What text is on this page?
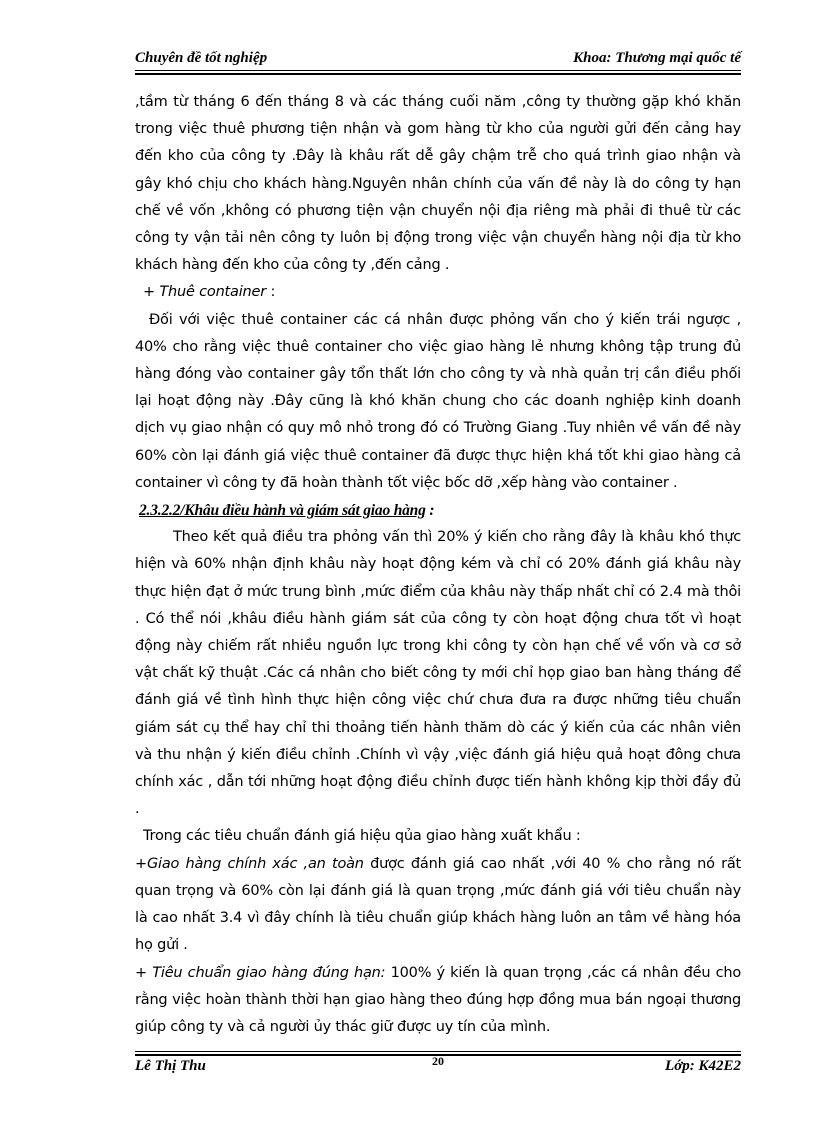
Chuyên đề tốt nghiệp	Khoa: Thương mại quốc tế

,tầm từ tháng 6 đến tháng 8 và các tháng cuối năm ,công ty thường gặp khó khăn trong việc thuê phương tiện nhận và gom hàng từ kho của người gửi đến cảng hay đến kho của công ty .Đây là khâu rất dễ gây chậm trễ cho quá trình giao nhận và gây khó chịu cho khách hàng.Nguyên nhân chính của vấn đề này là do công ty hạn chế về vốn ,không có phương tiện vận chuyển nội địa riêng mà phải đi thuê từ các công ty vận tải nên công ty luôn bị động trong việc vận chuyển hàng nội địa từ kho khách hàng đến kho của công ty ,đến cảng .

+ Thuê container :

Đối với việc thuê container các cá nhân được phỏng vấn cho ý kiến trái ngược , 40% cho rằng việc thuê container cho việc giao hàng lẻ nhưng không tập trung đủ hàng đóng vào container gây tổn thất lớn cho công ty và nhà quản trị cần điều phối lại hoạt động này .Đây cũng là khó khăn chung cho các doanh nghiệp kinh doanh dịch vụ giao nhận có quy mô nhỏ trong đó có Trường Giang .Tuy nhiên về vấn đề này 60% còn lại đánh giá việc thuê container đã được thực hiện khá tốt khi giao hàng cả container vì công ty đã hoàn thành tốt việc bốc dỡ ,xếp hàng vào container .

2.3.2.2/Khâu điều hành và giám sát giao hàng :

Theo kết quả điều tra phỏng vấn thì 20% ý kiến cho rằng đây là khâu khó thực hiện và 60% nhận định khâu này hoạt động kém và chỉ có 20% đánh giá khâu này thực hiện đạt ở mức trung bình ,mức điểm của khâu này thấp nhất chỉ có 2.4 mà thôi . Có thể nói ,khâu điều hành giám sát của công ty còn hoạt động chưa tốt vì hoạt động này chiếm rất nhiều nguồn lực trong khi công ty còn hạn chế về vốn và cơ sở vật chất kỹ thuật .Các cá nhân cho biết công ty mới chỉ họp giao ban hàng tháng để đánh giá về tình hình thực hiện công việc chứ chưa đưa ra được những tiêu chuẩn giám sát cụ thể hay chỉ thi thoảng tiến hành thăm dò các ý kiến của các nhân viên và thu nhận ý kiến điều chỉnh .Chính vì vậy ,việc đánh giá hiệu quả hoạt đông chưa chính xác , dẫn tới những hoạt động điều chỉnh được tiến hành không kịp thời đầy đủ .

Trong các tiêu chuẩn đánh giá hiệu qủa giao hàng xuất khẩu :

+Giao hàng chính xác ,an toàn được đánh giá cao nhất ,với 40 % cho rằng nó rất quan trọng và 60% còn lại đánh giá là quan trọng ,mức đánh giá với tiêu chuẩn này là cao nhất 3.4 vì đây chính là tiêu chuẩn giúp khách hàng luôn an tâm về hàng hóa họ gửi .

+ Tiêu chuẩn giao hàng đúng hạn: 100% ý kiến là quan trọng ,các cá nhân đều cho rằng việc hoàn thành thời hạn giao hàng theo đúng hợp đồng mua bán ngoại thương giúp công ty và cả người ủy thác giữ được uy tín của mình.

Lê Thị Thu	20	Lớp: K42E2
